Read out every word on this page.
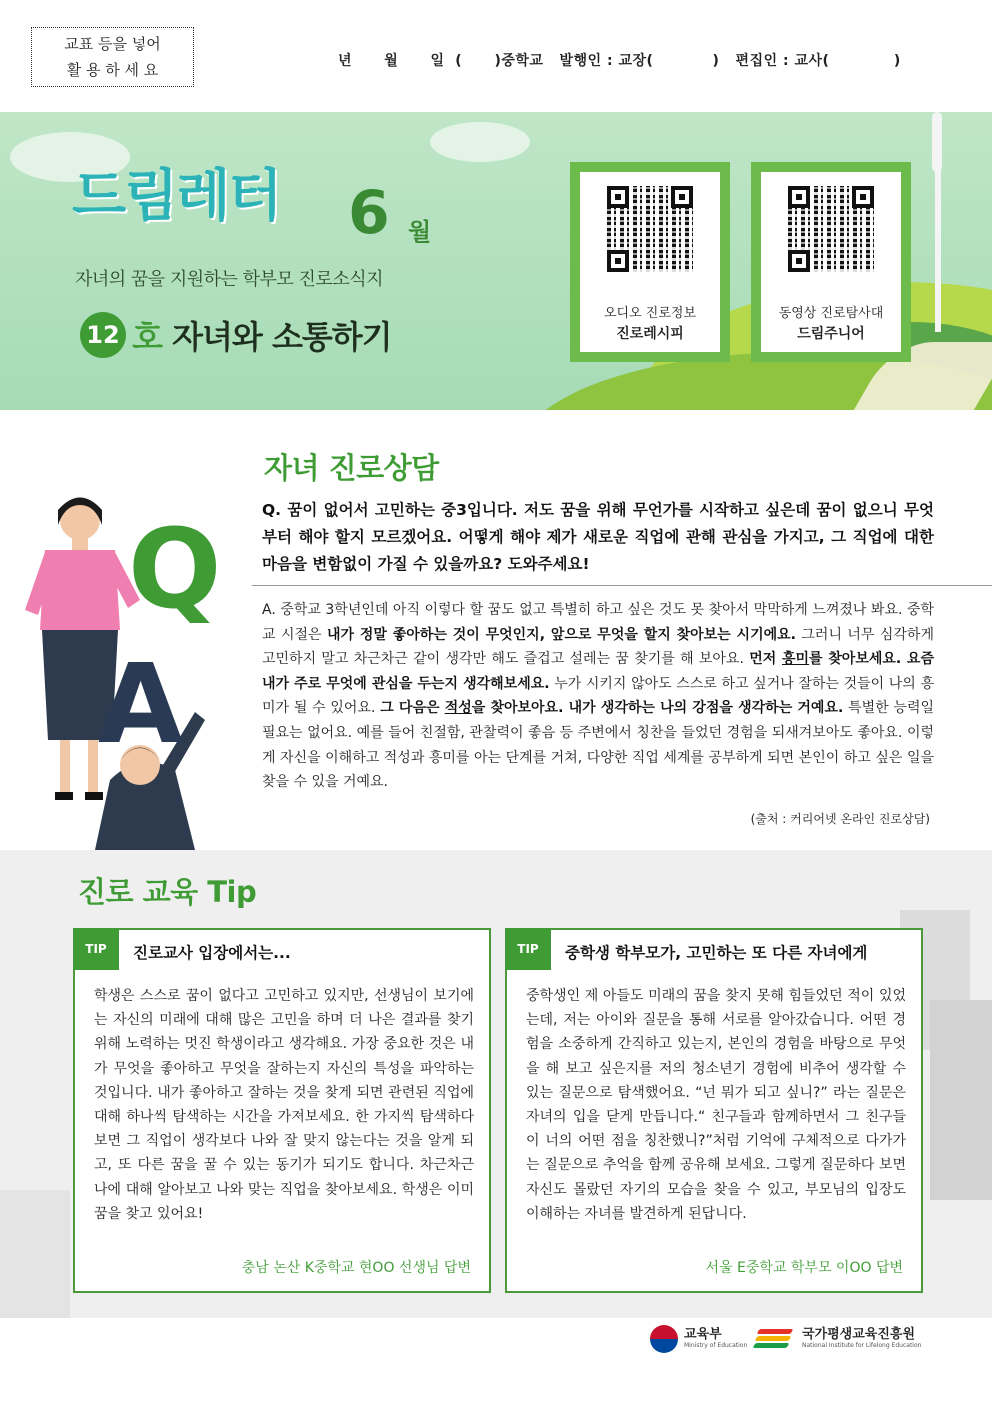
교표 등을 넣어
활 용 하 세 요	년      월      일  (      )중학교   발행인 : 교장(           )   편집인 : 교사(            )
드림레터 6 월
자녀의 꿈을 지원하는 학부모 진로소식지
12 호 자녀와 소통하기
오디오 진로정보
진로레시피
동영상 진로탐사대
드림주니어
Q
A
자녀 진로상담
Q. 꿈이 없어서 고민하는 중3입니다. 저도 꿈을 위해 무언가를 시작하고 싶은데 꿈이 없으니 무엇부터 해야 할지 모르겠어요. 어떻게 해야 제가 새로운 직업에 관해 관심을 가지고, 그 직업에 대한 마음을 변함없이 가질 수 있을까요? 도와주세요!
A. 중학교 3학년인데 아직 이렇다 할 꿈도 없고 특별히 하고 싶은 것도 못 찾아서 막막하게 느껴졌나 봐요. 중학교 시절은 내가 정말 좋아하는 것이 무엇인지, 앞으로 무엇을 할지 찾아보는 시기에요. 그러니 너무 심각하게 고민하지 말고 차근차근 같이 생각만 해도 즐겁고 설레는 꿈 찾기를 해 보아요. 먼저 흥미를 찾아보세요. 요즘 내가 주로 무엇에 관심을 두는지 생각해보세요. 누가 시키지 않아도 스스로 하고 싶거나 잘하는 것들이 나의 흥미가 될 수 있어요. 그 다음은 적성을 찾아보아요. 내가 생각하는 나의 강점을 생각하는 거예요. 특별한 능력일 필요는 없어요. 예를 들어 친절함, 관찰력이 좋음 등 주변에서 칭찬을 들었던 경험을 되새겨보아도 좋아요. 이렇게 자신을 이해하고 적성과 흥미를 아는 단계를 거쳐, 다양한 직업 세계를 공부하게 되면 본인이 하고 싶은 일을 찾을 수 있을 거예요.
(출처 : 커리어넷 온라인 진로상담)
진로 교육 Tip
TIP	진로교사 입장에서는...
학생은 스스로 꿈이 없다고 고민하고 있지만, 선생님이 보기에는 자신의 미래에 대해 많은 고민을 하며 더 나은 결과를 찾기 위해 노력하는 멋진 학생이라고 생각해요. 가장 중요한 것은 내가 무엇을 좋아하고 무엇을 잘하는지 자신의 특성을 파악하는 것입니다. 내가 좋아하고 잘하는 것을 찾게 되면 관련된 직업에 대해 하나씩 탐색하는 시간을 가져보세요. 한 가지씩 탐색하다 보면 그 직업이 생각보다 나와 잘 맞지 않는다는 것을 알게 되고, 또 다른 꿈을 꿀 수 있는 동기가 되기도 합니다. 차근차근 나에 대해 알아보고 나와 맞는 직업을 찾아보세요. 학생은 이미 꿈을 찾고 있어요!
충남 논산 K중학교 현OO 선생님 답변
TIP	중학생 학부모가, 고민하는 또 다른 자녀에게
중학생인 제 아들도 미래의 꿈을 찾지 못해 힘들었던 적이 있었는데, 저는 아이와 질문을 통해 서로를 알아갔습니다. 어떤 경험을 소중하게 간직하고 있는지, 본인의 경험을 바탕으로 무엇을 해 보고 싶은지를 저의 청소년기 경험에 비추어 생각할 수 있는 질문으로 탐색했어요. “넌 뭐가 되고 싶니?” 라는 질문은 자녀의 입을 닫게 만듭니다.“ 친구들과 함께하면서 그 친구들이 너의 어떤 점을 칭찬했니?”처럼 기억에 구체적으로 다가가는 질문으로 추억을 함께 공유해 보세요. 그렇게 질문하다 보면 자신도 몰랐던 자기의 모습을 찾을 수 있고, 부모님의 입장도 이해하는 자녀를 발견하게 된답니다.
서울 E중학교 학부모 이OO 답변
교육부
Ministry of Education
국가평생교육진흥원
National Institute for Lifelong Education
